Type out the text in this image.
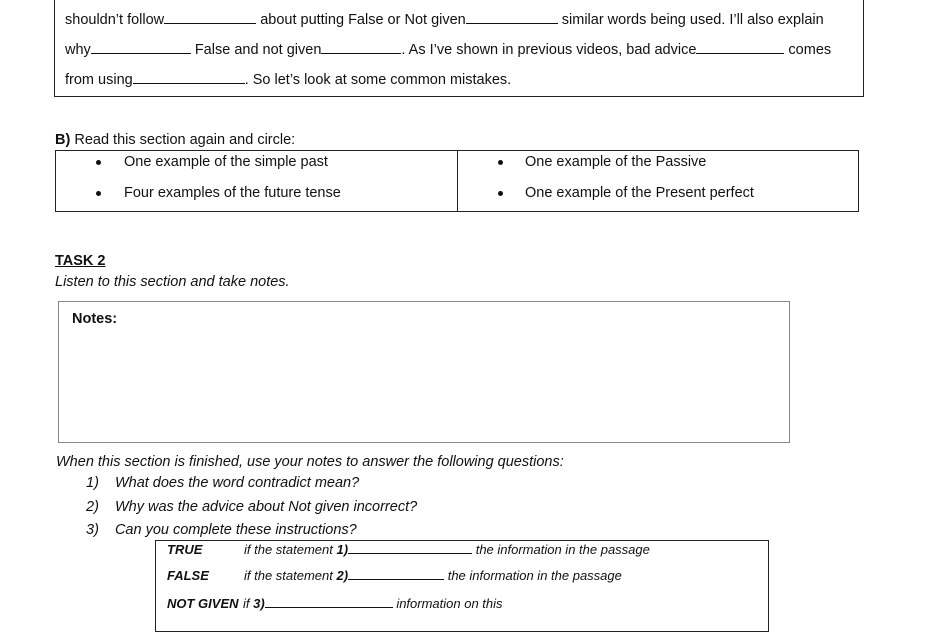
shouldn’t follow	about putting False or Not given	similar words being used. I’ll also explain
why	False and not given	. As I’ve shown in previous videos, bad advice	comes
from using	. So let’s look at some common mistakes.
B) Read this section again and circle:
One example of the simple past	One example of the Passive
Four examples of the future tense	One example of the Present perfect
TASK 2
Listen to this section and take notes.
Notes:
When this section is finished, use your notes to answer the following questions:
1) What does the word contradict mean?
2) Why was the advice about Not given incorrect?
3) Can you complete these instructions?
TRUE	if the statement 1)	the information in the passage
FALSE	if the statement 2)	the information in the passage
NOT GIVEN if 3)	information on this
